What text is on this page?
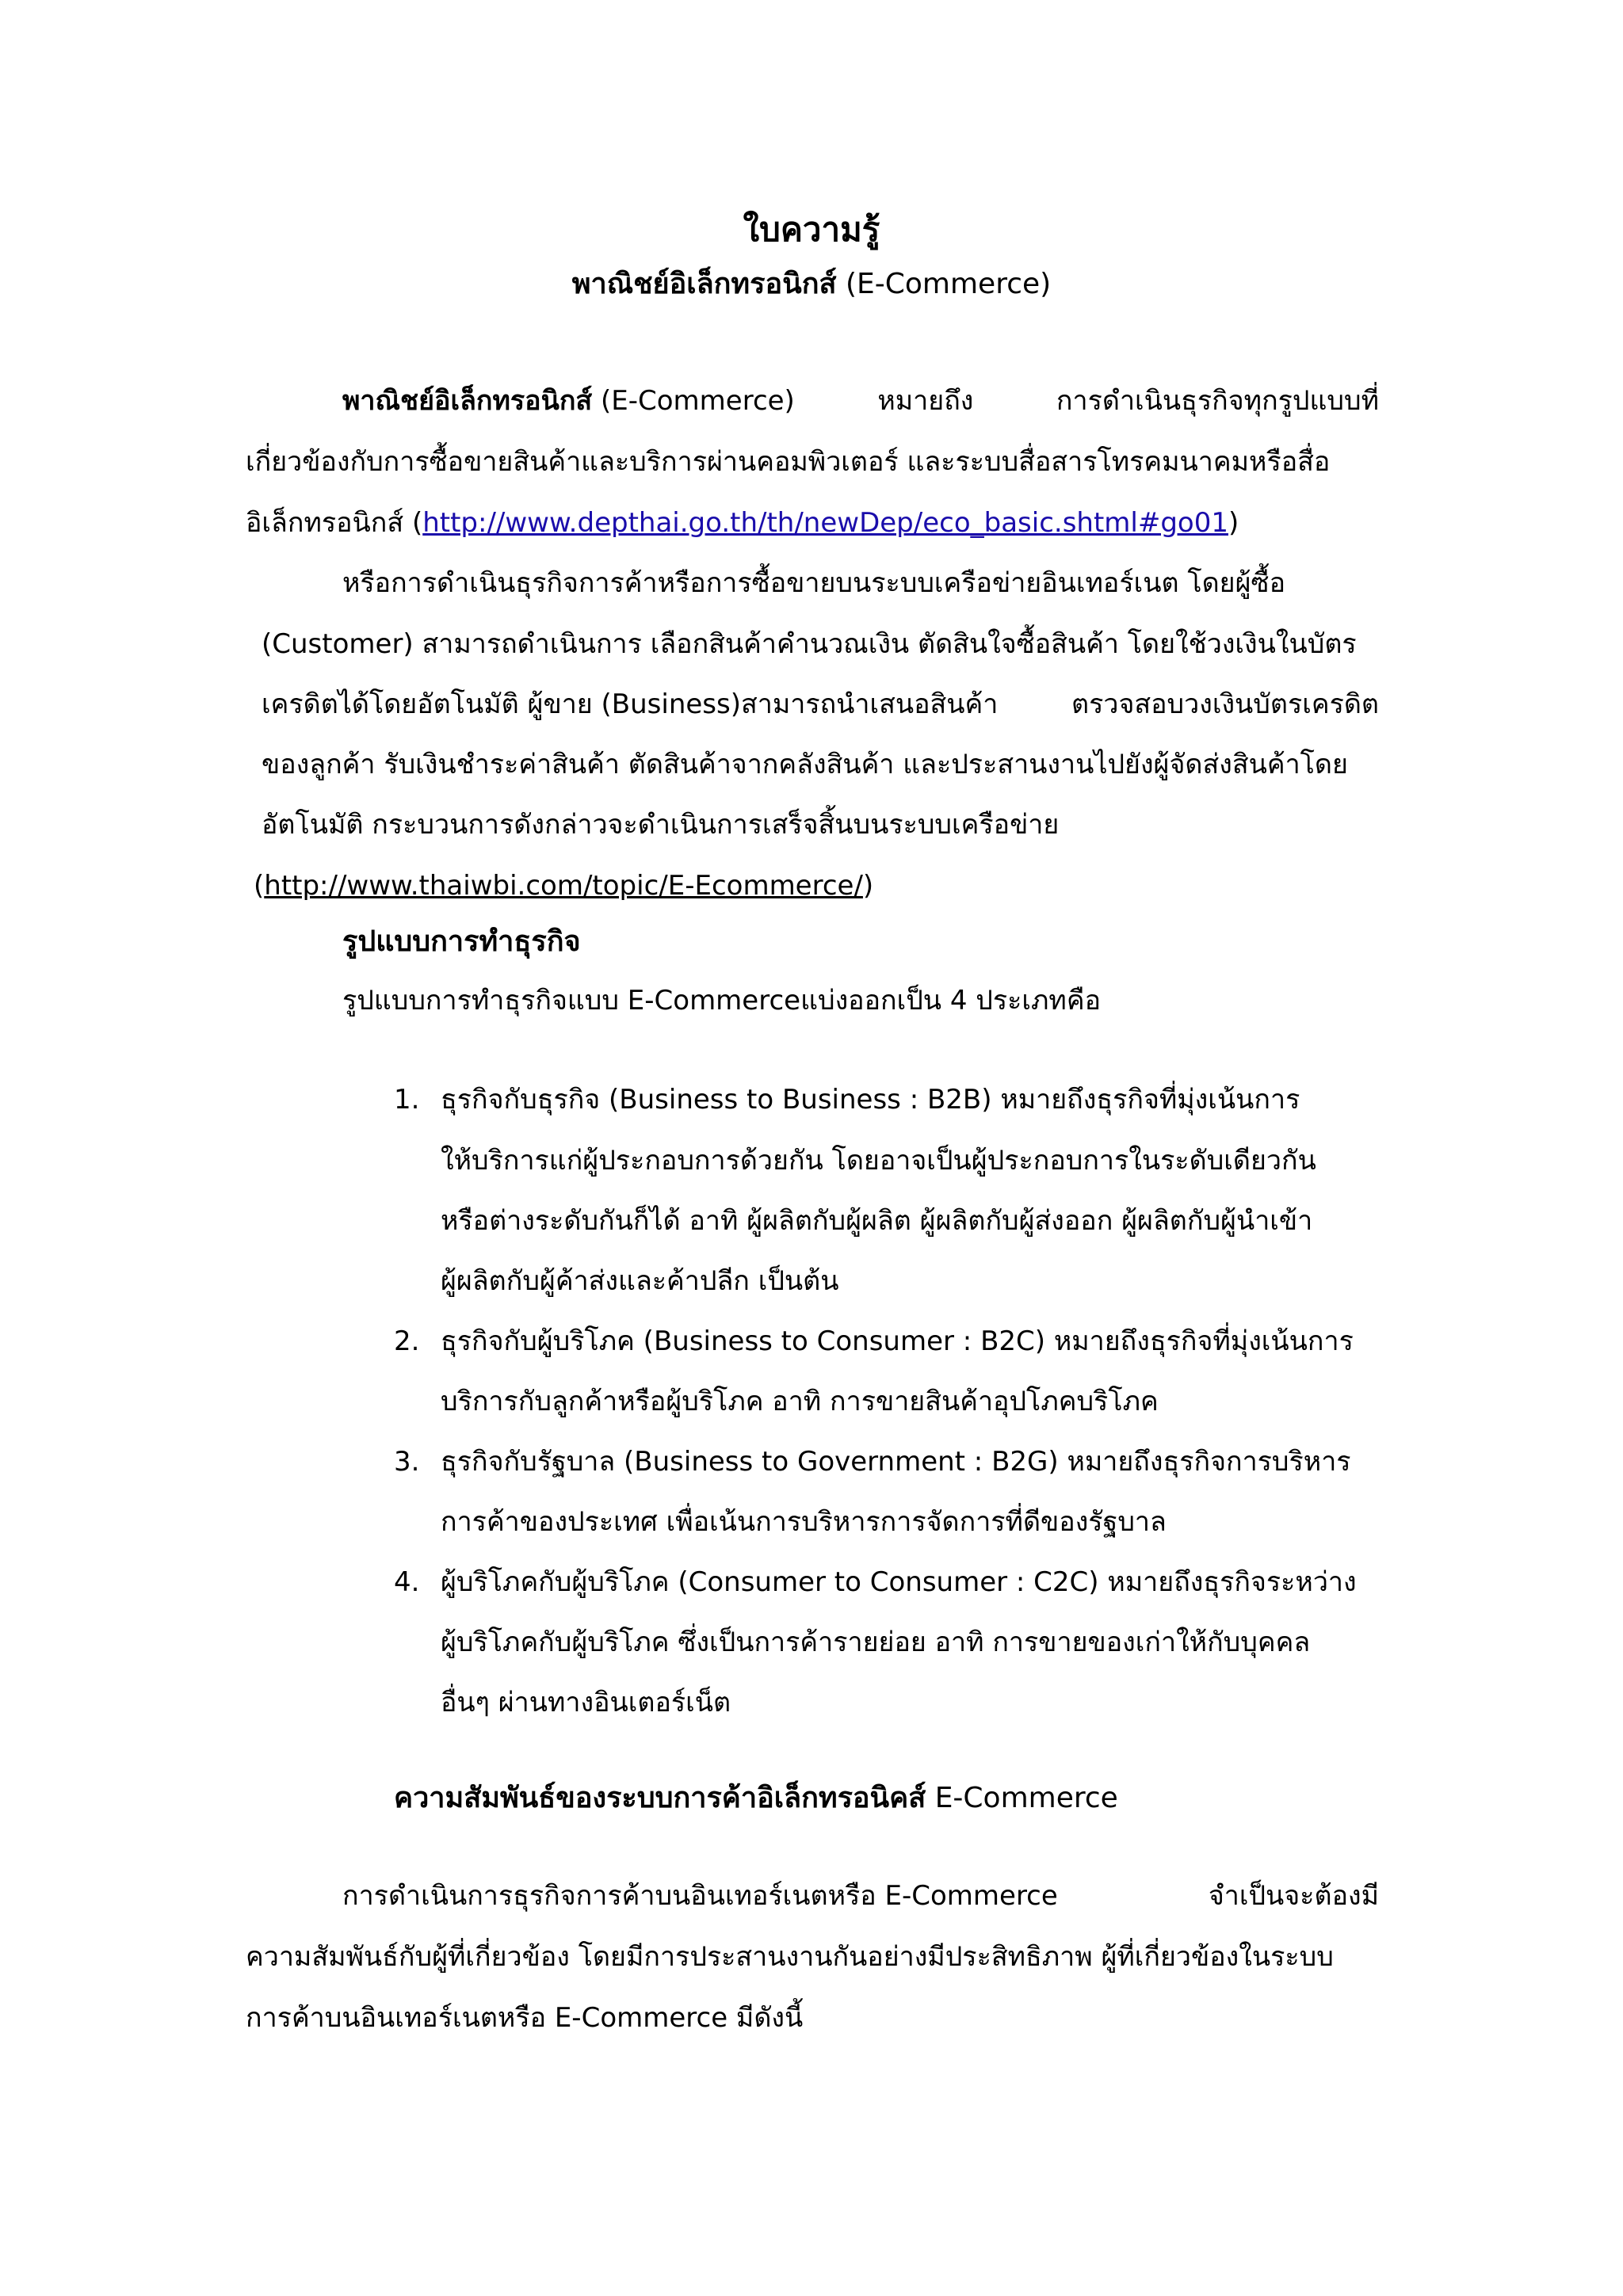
ใบความรู้
พาณิชย์อิเล็กทรอนิกส์ (E-Commerce)
พาณิชย์อิเล็กทรอนิกส์ (E-Commerce)	หมายถึง	การดำเนินธุรกิจทุกรูปแบบที่
เกี่ยวข้องกับการซื้อขายสินค้าและบริการผ่านคอมพิวเตอร์ และระบบสื่อสารโทรคมนาคมหรือสื่อ
อิเล็กทรอนิกส์ (http://www.depthai.go.th/th/newDep/eco_basic.shtml#go01)
หรือการดำเนินธุรกิจการค้าหรือการซื้อขายบนระบบเครือข่ายอินเทอร์เนต โดยผู้ซื้อ
(Customer) สามารถดำเนินการ เลือกสินค้าคำนวณเงิน ตัดสินใจซื้อสินค้า โดยใช้วงเงินในบัตร
เครดิตได้โดยอัตโนมัติ ผู้ขาย (Business)สามารถนำเสนอสินค้า	ตรวจสอบวงเงินบัตรเครดิต
ของลูกค้า รับเงินชำระค่าสินค้า ตัดสินค้าจากคลังสินค้า และประสานงานไปยังผู้จัดส่งสินค้าโดย
อัตโนมัติ กระบวนการดังกล่าวจะดำเนินการเสร็จสิ้นบนระบบเครือข่าย
(http://www.thaiwbi.com/topic/E-Ecommerce/)
รูปแบบการทำธุรกิจ
รูปแบบการทำธุรกิจแบบ E-Commerceแบ่งออกเป็น 4 ประเภทคือ
1. ธุรกิจกับธุรกิจ (Business to Business : B2B) หมายถึงธุรกิจที่มุ่งเน้นการ
ให้บริการแก่ผู้ประกอบการด้วยกัน โดยอาจเป็นผู้ประกอบการในระดับเดียวกัน
หรือต่างระดับกันก็ได้ อาทิ ผู้ผลิตกับผู้ผลิต ผู้ผลิตกับผู้ส่งออก ผู้ผลิตกับผู้นำเข้า
ผู้ผลิตกับผู้ค้าส่งและค้าปลีก เป็นต้น
2. ธุรกิจกับผู้บริโภค (Business to Consumer : B2C) หมายถึงธุรกิจที่มุ่งเน้นการ
บริการกับลูกค้าหรือผู้บริโภค อาทิ การขายสินค้าอุปโภคบริโภค
3. ธุรกิจกับรัฐบาล (Business to Government : B2G) หมายถึงธุรกิจการบริหาร
การค้าของประเทศ เพื่อเน้นการบริหารการจัดการที่ดีของรัฐบาล
4. ผู้บริโภคกับผู้บริโภค (Consumer to Consumer : C2C) หมายถึงธุรกิจระหว่าง
ผู้บริโภคกับผู้บริโภค ซึ่งเป็นการค้ารายย่อย อาทิ การขายของเก่าให้กับบุคคล
อื่นๆ ผ่านทางอินเตอร์เน็ต
ความสัมพันธ์ของระบบการค้าอิเล็กทรอนิคส์ E-Commerce
การดำเนินการธุรกิจการค้าบนอินเทอร์เนตหรือ E-Commerce	จำเป็นจะต้องมี
ความสัมพันธ์กับผู้ที่เกี่ยวข้อง โดยมีการประสานงานกันอย่างมีประสิทธิภาพ ผู้ที่เกี่ยวข้องในระบบ
การค้าบนอินเทอร์เนตหรือ E-Commerce มีดังนี้
